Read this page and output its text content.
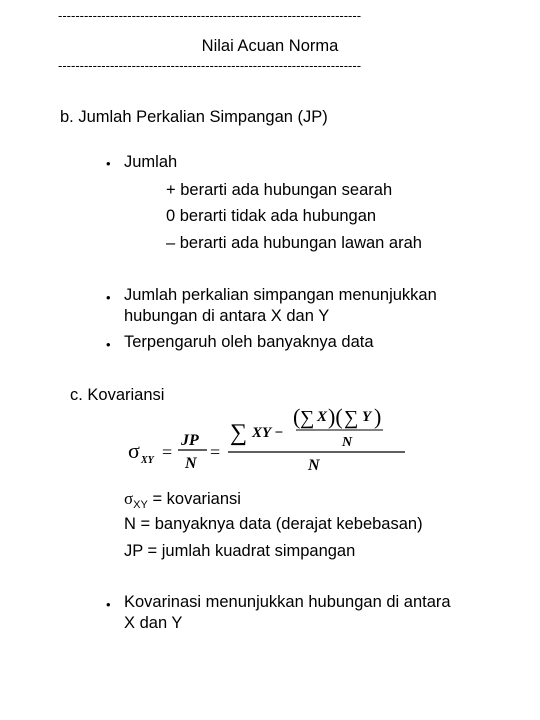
----------------------------------------------------------------------
Nilai Acuan Norma
----------------------------------------------------------------------
b. Jumlah Perkalian Simpangan (JP)
• Jumlah
+ berarti ada hubungan searah
0 berarti tidak ada hubungan
– berarti ada hubungan lawan arah
• Jumlah perkalian simpangan menunjukkan
hubungan di antara X dan Y
• Terpengaruh oleh banyaknya data
c. Kovariansi
σ XY =
JP
N
=
∑ XY −
( ∑ X )( ∑ Y )
N
N
$\sigma_{XY}$ = kovariansi
N = banyaknya data (derajat kebebasan)
JP = jumlah kuadrat simpangan
• Kovarinasi menunjukkan hubungan di antara
X dan Y
